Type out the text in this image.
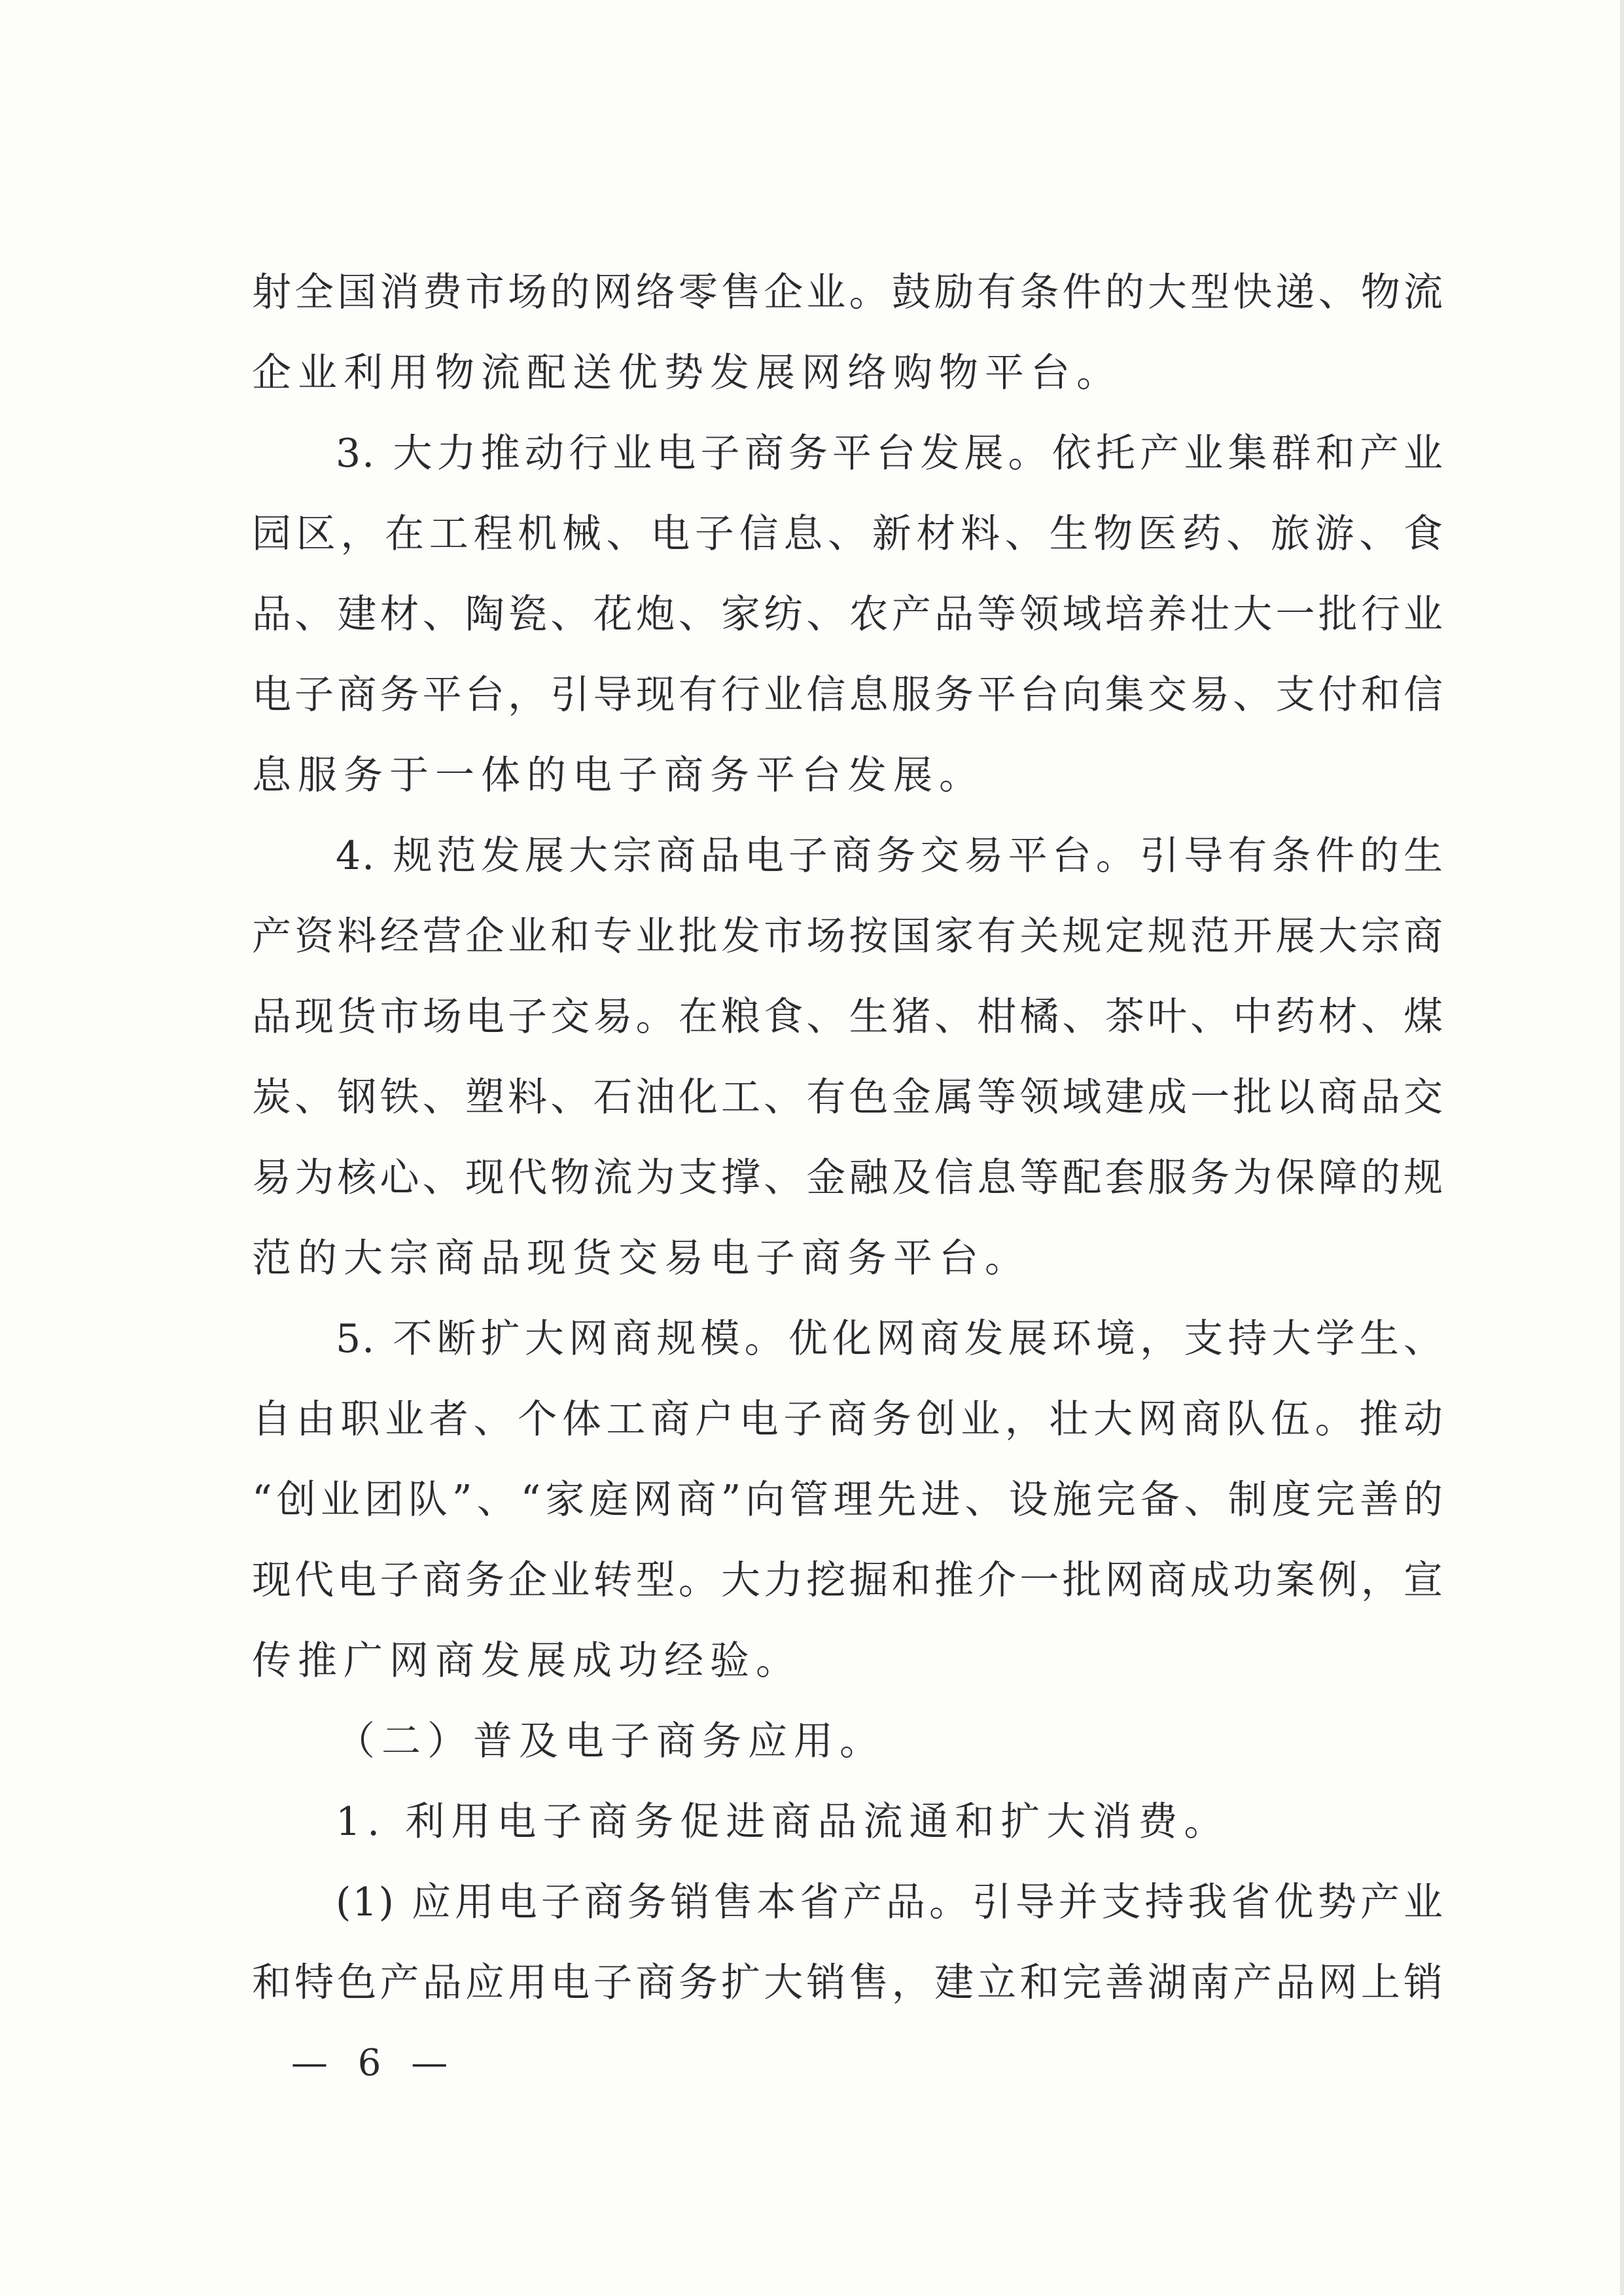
射全国消费市场的网络零售企业。鼓励有条件的大型快递、物流
企业利用物流配送优势发展网络购物平台。
3. 大力推动行业电子商务平台发展。依托产业集群和产业
园区，在工程机械、电子信息、新材料、生物医药、旅游、食
品、建材、陶瓷、花炮、家纺、农产品等领域培养壮大一批行业
电子商务平台，引导现有行业信息服务平台向集交易、支付和信
息服务于一体的电子商务平台发展。
4. 规范发展大宗商品电子商务交易平台。引导有条件的生
产资料经营企业和专业批发市场按国家有关规定规范开展大宗商
品现货市场电子交易。在粮食、生猪、柑橘、茶叶、中药材、煤
炭、钢铁、塑料、石油化工、有色金属等领域建成一批以商品交
易为核心、现代物流为支撑、金融及信息等配套服务为保障的规
范的大宗商品现货交易电子商务平台。
5. 不断扩大网商规模。优化网商发展环境，支持大学生、
自由职业者、个体工商户电子商务创业，壮大网商队伍。推动
“创业团队”、“家庭网商”向管理先进、设施完备、制度完善的
现代电子商务企业转型。大力挖掘和推介一批网商成功案例，宣
传推广网商发展成功经验。
（二）普及电子商务应用。
1. 利用电子商务促进商品流通和扩大消费。
(1) 应用电子商务销售本省产品。引导并支持我省优势产业
和特色产品应用电子商务扩大销售，建立和完善湖南产品网上销
— 6 —
